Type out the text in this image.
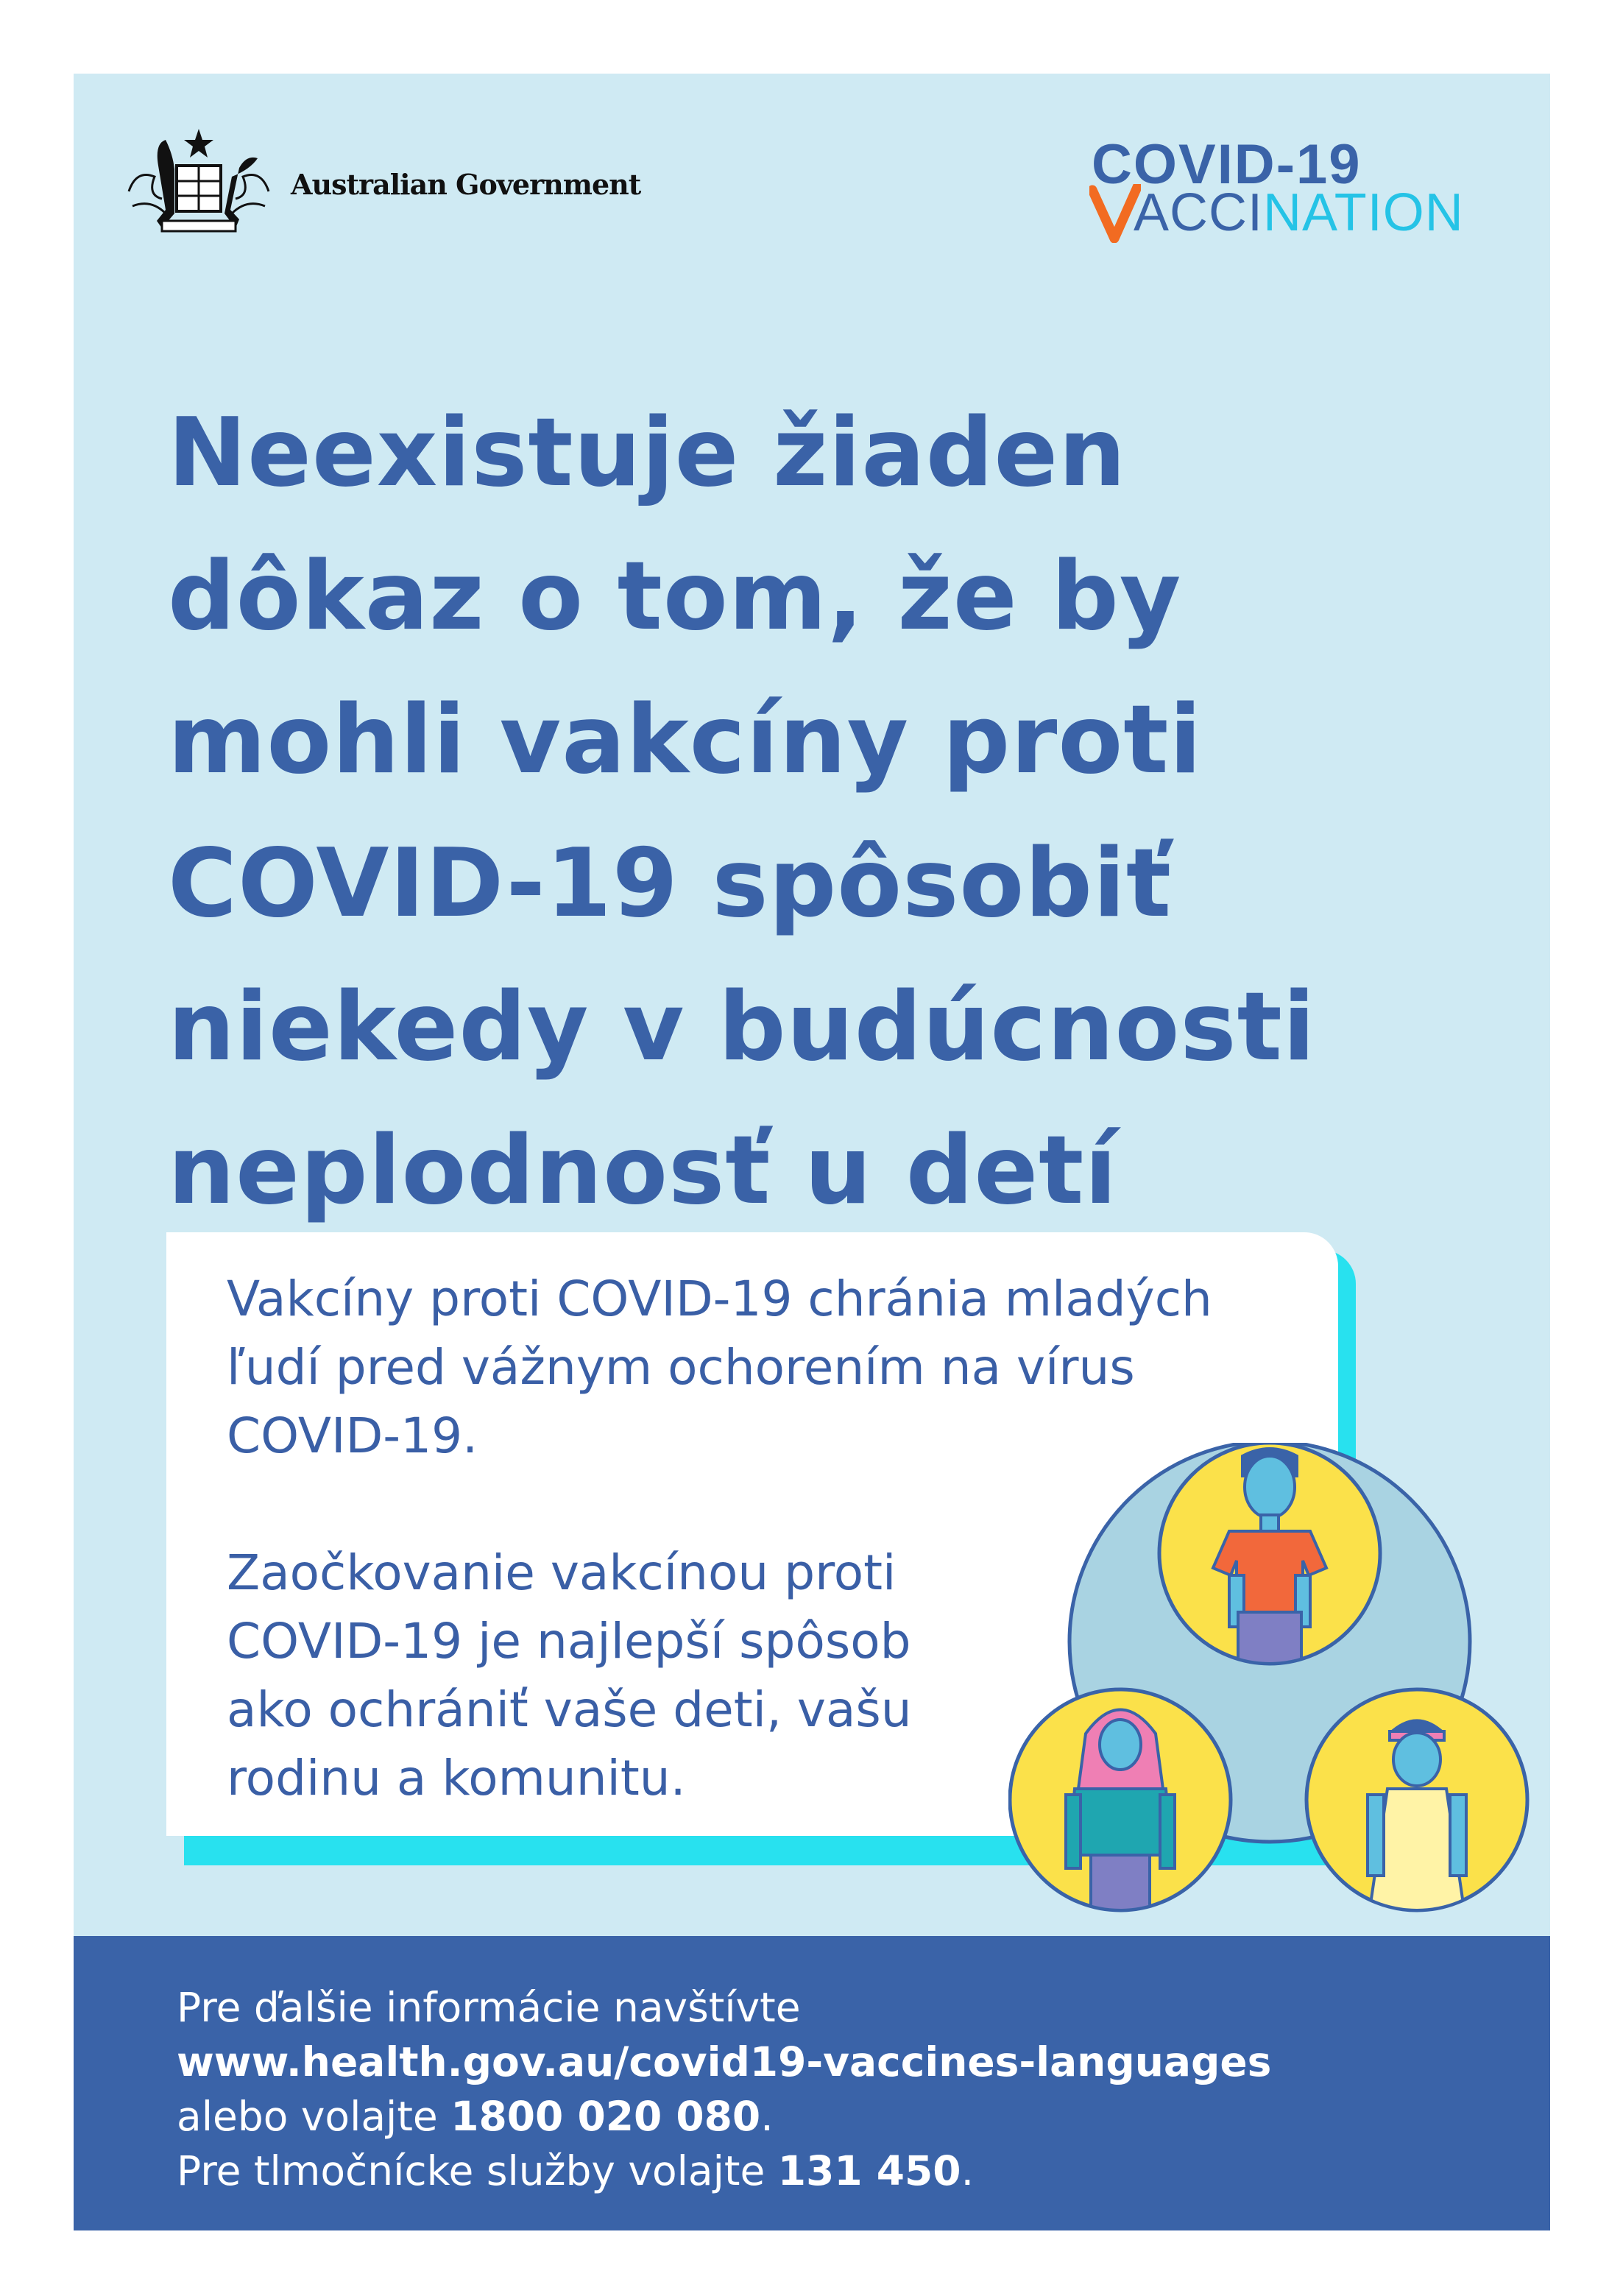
Australian Government	COVID-19
ACCINATION
Neexistuje žiaden
dôkaz o tom, že by
mohli vakcíny proti
COVID-19 spôsobiť
niekedy v budúcnosti
neplodnosť u detí

Vakcíny proti COVID-19 chránia mladých
ľudí pred vážnym ochorením na vírus
COVID-19.

Zaočkovanie vakcínou proti
COVID-19 je najlepší spôsob
ako ochrániť vaše deti, vašu
rodinu a komunitu.

Pre ďalšie informácie navštívte
www.health.gov.au/covid19-vaccines-languages
alebo volajte 1800 020 080.
Pre tlmočnícke služby volajte 131 450.
